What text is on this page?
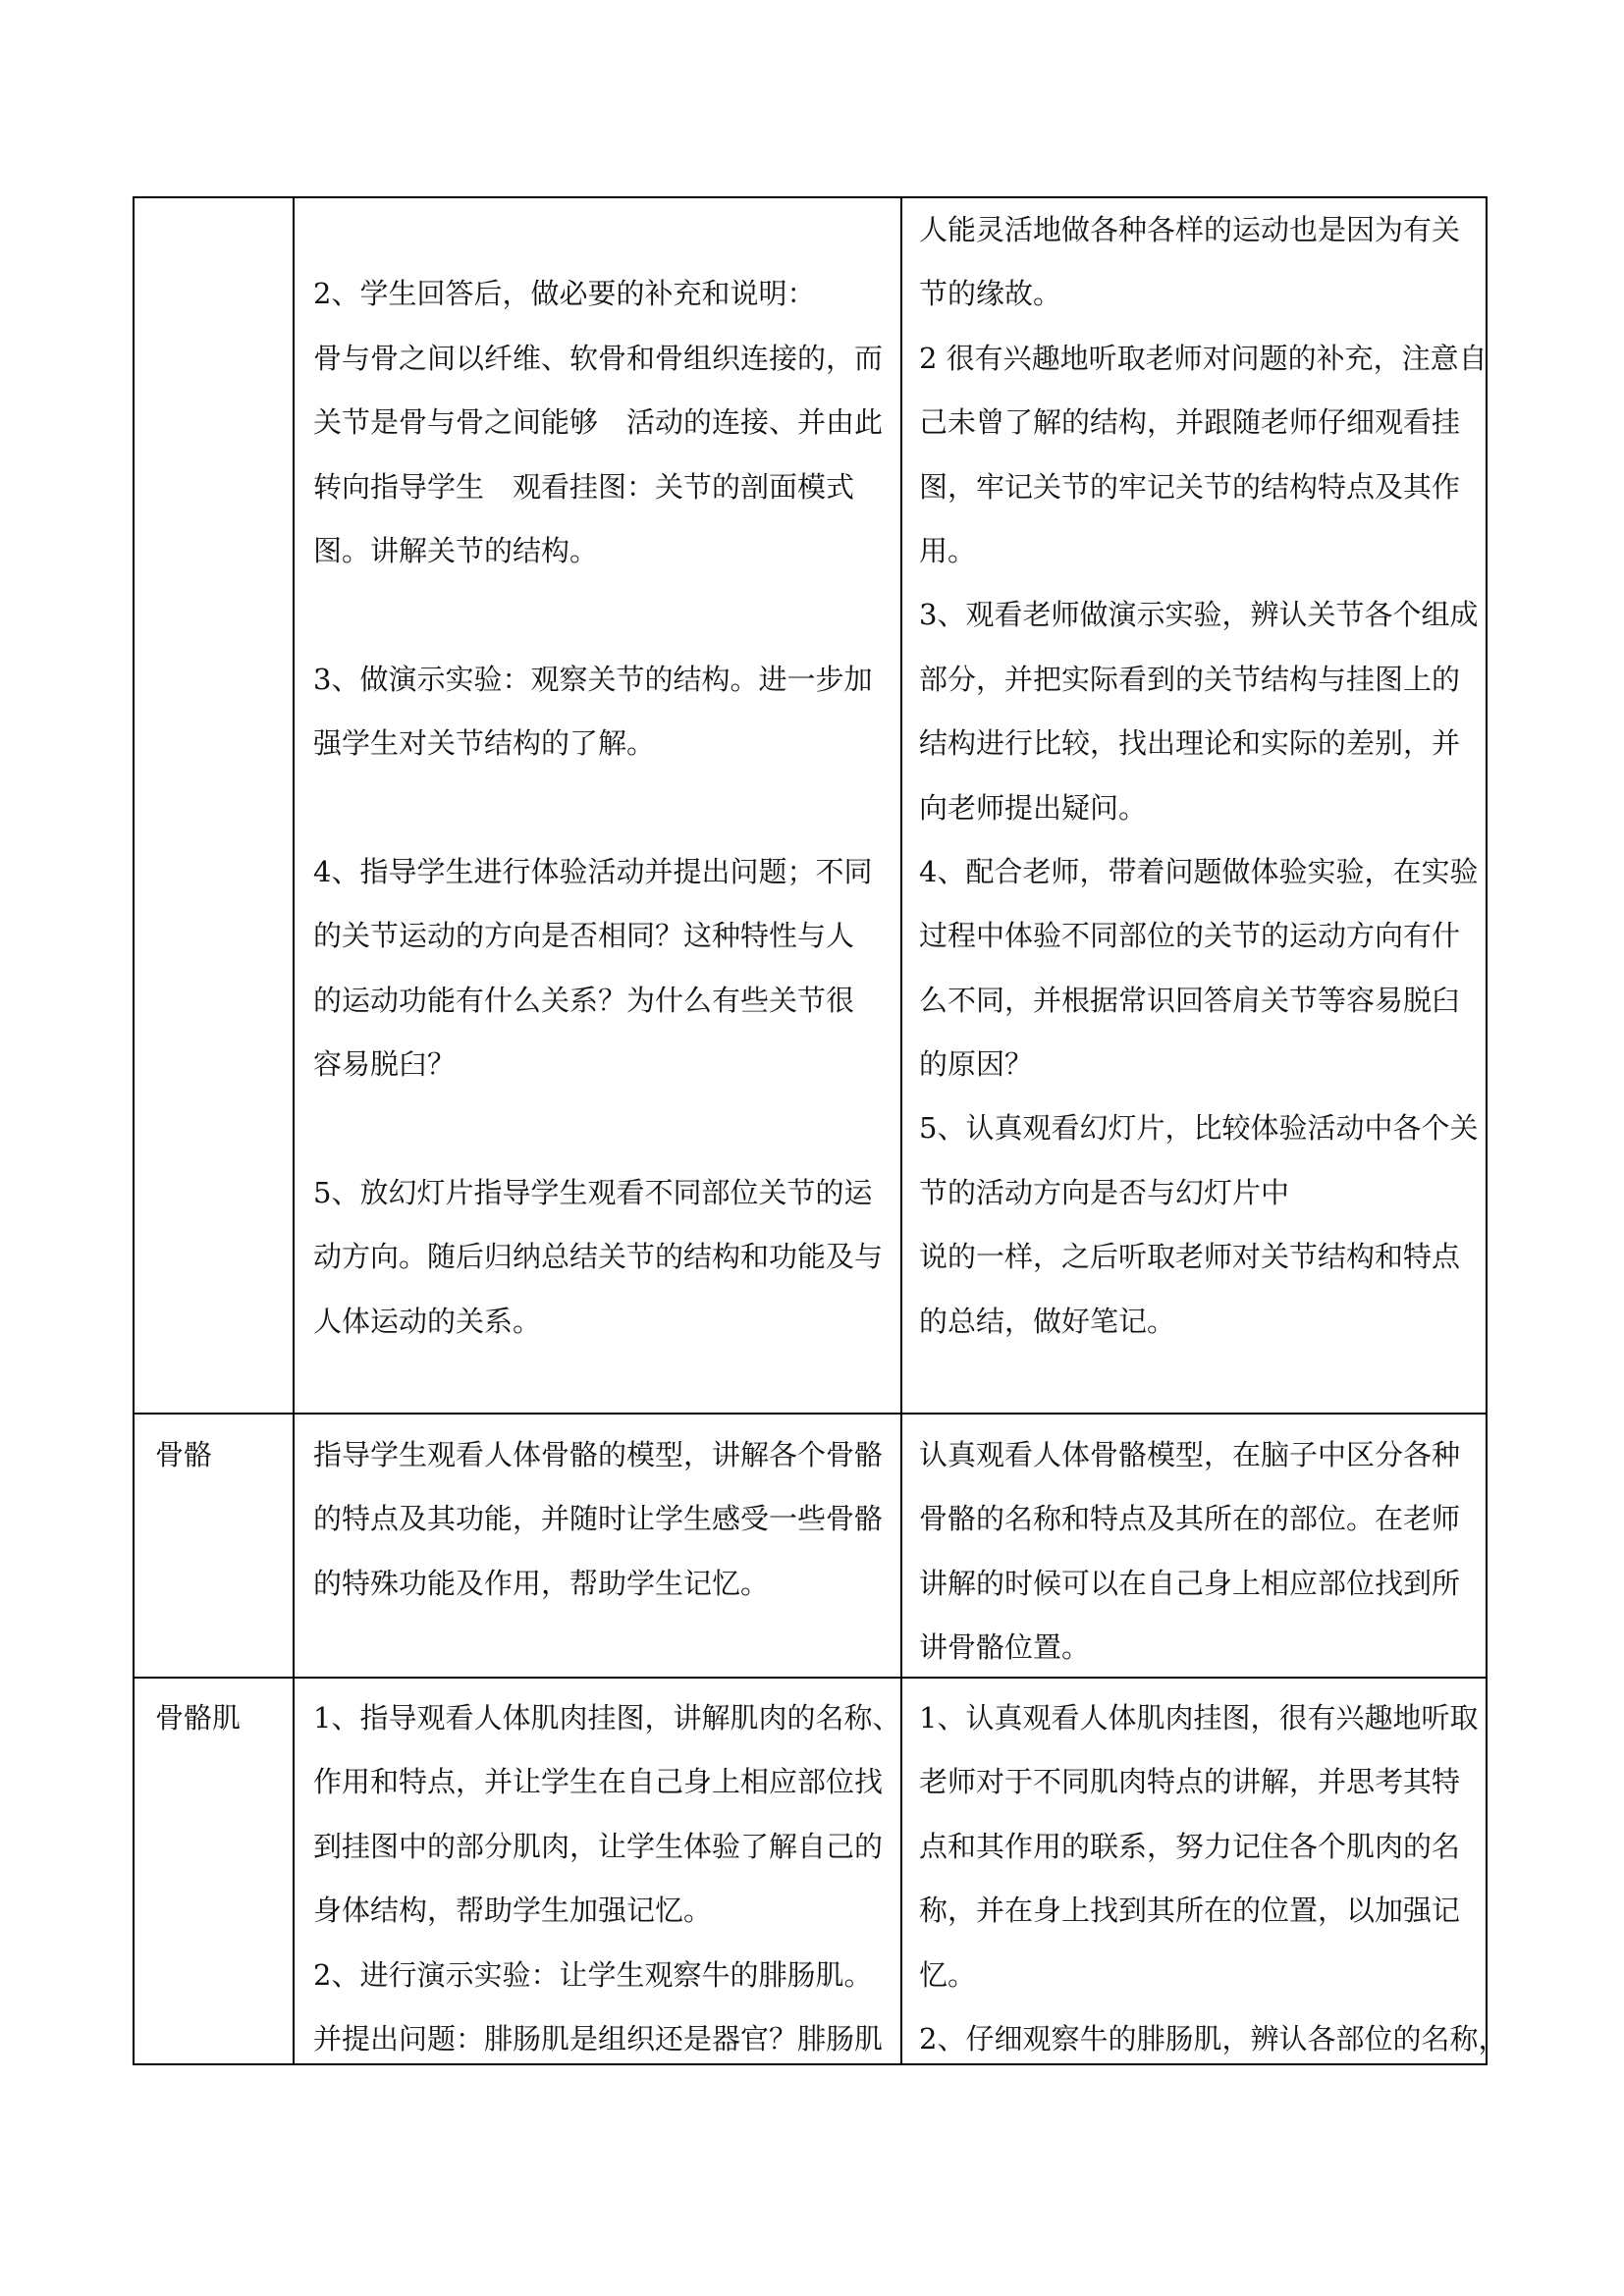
2、学生回答后，做必要的补充和说明：
骨与骨之间以纤维、软骨和骨组织连接的，而
关节是骨与骨之间能够　活动的连接、并由此
转向指导学生　观看挂图：关节的剖面模式
图。讲解关节的结构。
3、做演示实验：观察关节的结构。进一步加
强学生对关节结构的了解。
4、指导学生进行体验活动并提出问题；不同
的关节运动的方向是否相同？这种特性与人
的运动功能有什么关系？为什么有些关节很
容易脱臼？
5、放幻灯片指导学生观看不同部位关节的运
动方向。随后归纳总结关节的结构和功能及与
人体运动的关系。
人能灵活地做各种各样的运动也是因为有关
节的缘故。
2 很有兴趣地听取老师对问题的补充，注意自
己未曾了解的结构，并跟随老师仔细观看挂
图，牢记关节的牢记关节的结构特点及其作
用。
3、观看老师做演示实验，辨认关节各个组成
部分，并把实际看到的关节结构与挂图上的
结构进行比较，找出理论和实际的差别，并
向老师提出疑问。
4、配合老师，带着问题做体验实验，在实验
过程中体验不同部位的关节的运动方向有什
么不同，并根据常识回答肩关节等容易脱臼
的原因？
5、认真观看幻灯片，比较体验活动中各个关
节的活动方向是否与幻灯片中
说的一样，之后听取老师对关节结构和特点
的总结，做好笔记。
骨骼	指导学生观看人体骨骼的模型，讲解各个骨骼
的特点及其功能，并随时让学生感受一些骨骼
的特殊功能及作用，帮助学生记忆。
认真观看人体骨骼模型，在脑子中区分各种
骨骼的名称和特点及其所在的部位。在老师
讲解的时候可以在自己身上相应部位找到所
讲骨骼位置。
骨骼肌	1、指导观看人体肌肉挂图，讲解肌肉的名称、
作用和特点，并让学生在自己身上相应部位找
到挂图中的部分肌肉，让学生体验了解自己的
身体结构，帮助学生加强记忆。
2、进行演示实验：让学生观察牛的腓肠肌。
并提出问题：腓肠肌是组织还是器官？腓肠肌
1、认真观看人体肌肉挂图，很有兴趣地听取
老师对于不同肌肉特点的讲解，并思考其特
点和其作用的联系，努力记住各个肌肉的名
称，并在身上找到其所在的位置，以加强记
忆。
2、仔细观察牛的腓肠肌，辨认各部位的名称，
